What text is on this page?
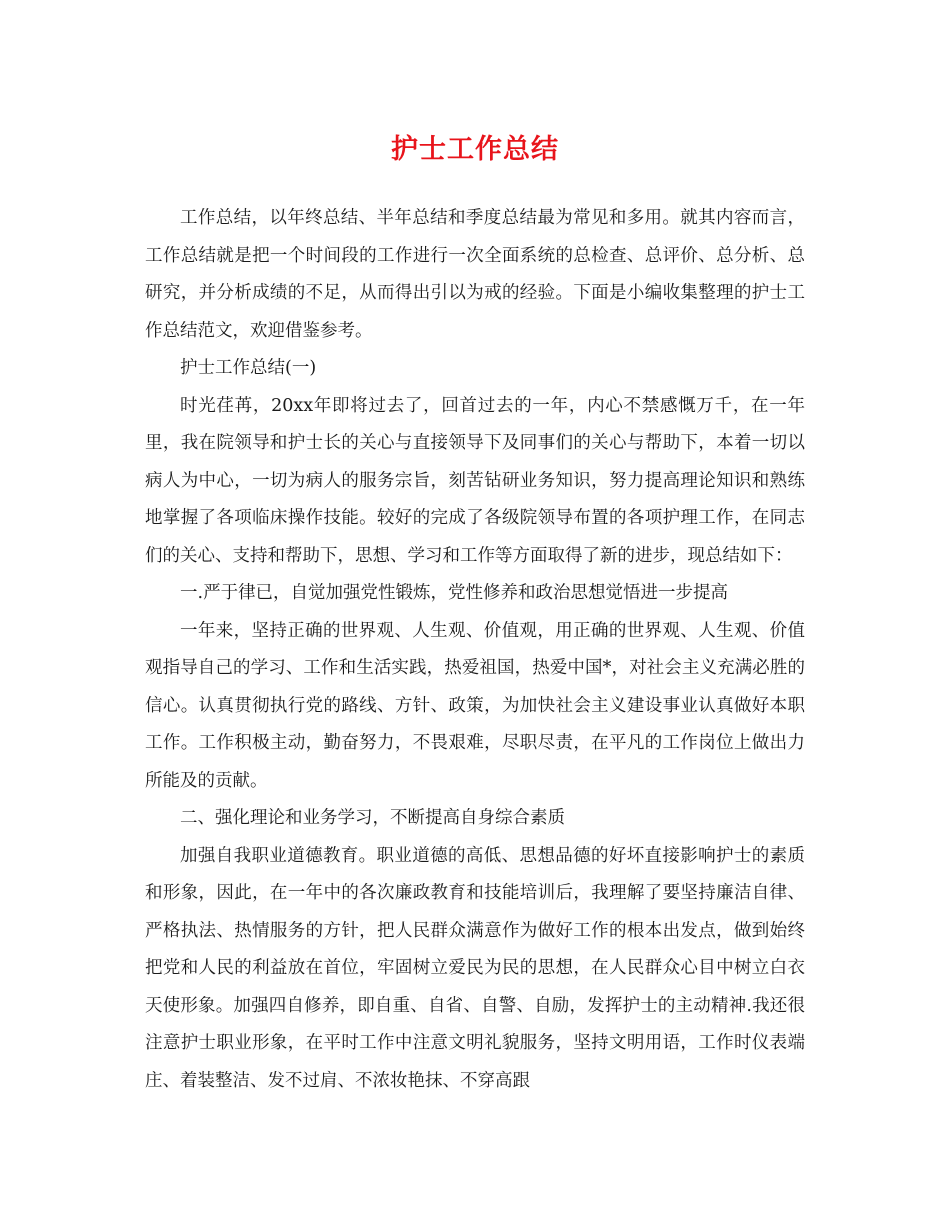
护士工作总结

工作总结，以年终总结、半年总结和季度总结最为常见和多用。就其内容而言，工作总结就是把一个时间段的工作进行一次全面系统的总检查、总评价、总分析、总研究，并分析成绩的不足，从而得出引以为戒的经验。下面是小编收集整理的护士工作总结范文，欢迎借鉴参考。

护士工作总结(一)

时光荏苒，20xx年即将过去了，回首过去的一年，内心不禁感慨万千，在一年里，我在院领导和护士长的关心与直接领导下及同事们的关心与帮助下，本着一切以病人为中心，一切为病人的服务宗旨，刻苦钻研业务知识，努力提高理论知识和熟练地掌握了各项临床操作技能。较好的完成了各级院领导布置的各项护理工作，在同志们的关心、支持和帮助下，思想、学习和工作等方面取得了新的进步，现总结如下：

一.严于律已，自觉加强党性锻炼，党性修养和政治思想觉悟进一步提高

一年来，坚持正确的世界观、人生观、价值观，用正确的世界观、人生观、价值观指导自己的学习、工作和生活实践，热爱祖国，热爱中国*，对社会主义充满必胜的信心。认真贯彻执行党的路线、方针、政策，为加快社会主义建设事业认真做好本职工作。工作积极主动，勤奋努力，不畏艰难，尽职尽责，在平凡的工作岗位上做出力所能及的贡献。

二、强化理论和业务学习，不断提高自身综合素质

加强自我职业道德教育。职业道德的高低、思想品德的好坏直接影响护士的素质和形象，因此，在一年中的各次廉政教育和技能培训后，我理解了要坚持廉洁自律、严格执法、热情服务的方针，把人民群众满意作为做好工作的根本出发点，做到始终把党和人民的利益放在首位，牢固树立爱民为民的思想，在人民群众心目中树立白衣天使形象。加强四自修养，即自重、自省、自警、自励，发挥护士的主动精神.我还很注意护士职业形象，在平时工作中注意文明礼貌服务，坚持文明用语，工作时仪表端庄、着装整洁、发不过肩、不浓妆艳抹、不穿高跟
